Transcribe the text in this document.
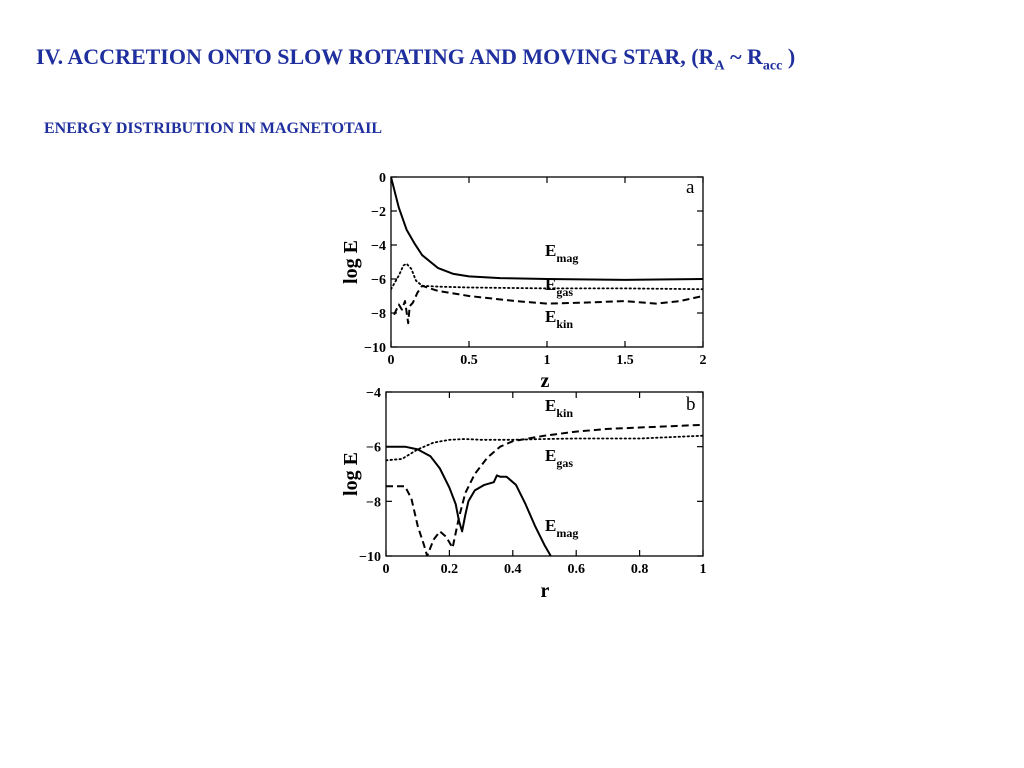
IV. ACCRETION ONTO SLOW ROTATING AND MOVING STAR, ($R_A$ ~ $R_{acc}$ )
ENERGY DISTRIBUTION IN MAGNETOTAIL
0	0.5	1	1.5	2
0
−2
−4
−6
−8
−10
z
log E
a
$E_{mag}$
$E_{gas}$
$E_{kin}$
0	0.2	0.4	0.6	0.8	1
−4
−6
−8
−10
r
log E
b
$E_{kin}$
$E_{gas}$
$E_{mag}$
